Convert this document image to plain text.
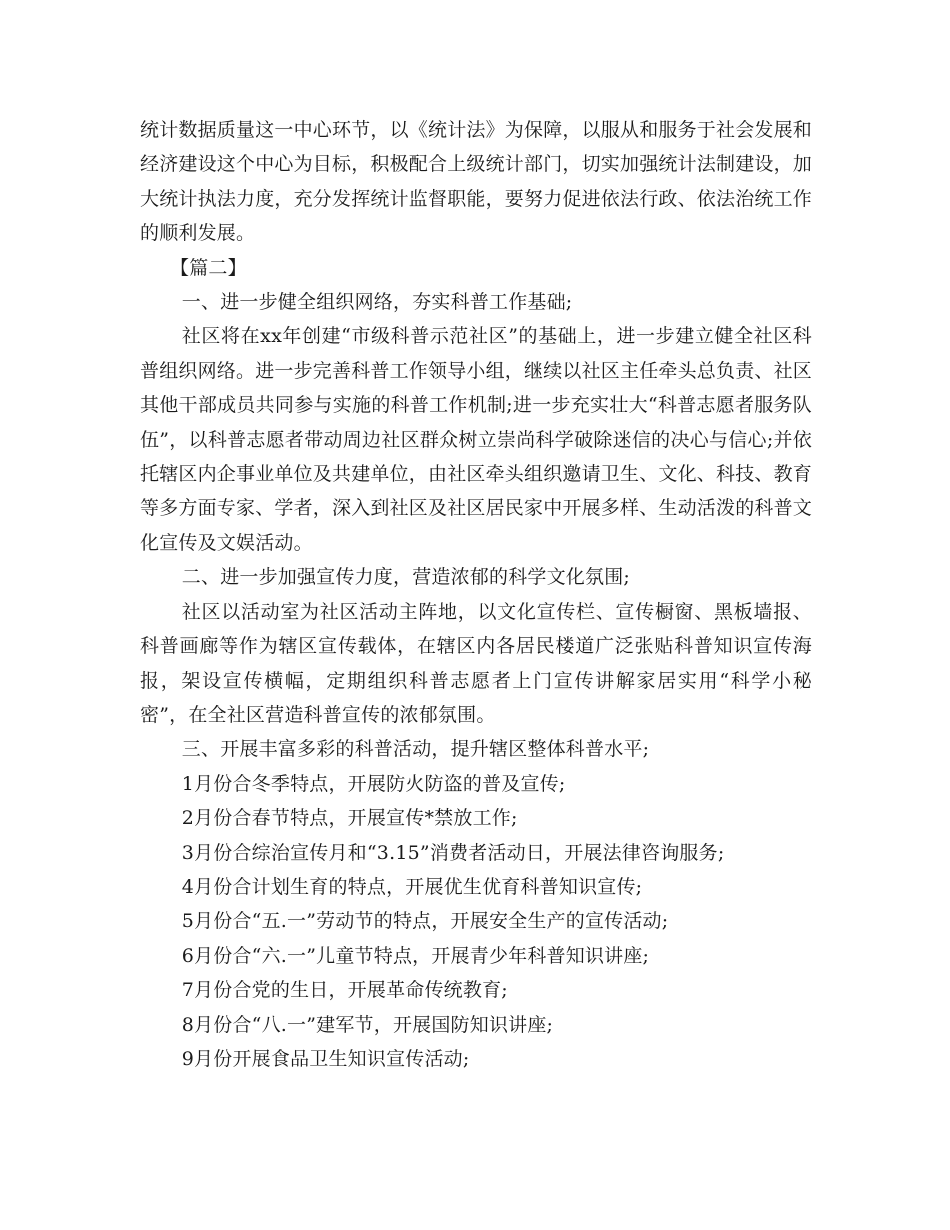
统计数据质量这一中心环节，以《统计法》为保障，以服从和服务于社会发展和经济建设这个中心为目标，积极配合上级统计部门，切实加强统计法制建设，加大统计执法力度，充分发挥统计监督职能，要努力促进依法行政、依法治统工作的顺利发展。

【篇二】

一、进一步健全组织网络，夯实科普工作基础;

社区将在xx年创建“市级科普示范社区”的基础上，进一步建立健全社区科普组织网络。进一步完善科普工作领导小组，继续以社区主任牵头总负责、社区其他干部成员共同参与实施的科普工作机制;进一步充实壮大“科普志愿者服务队伍”，以科普志愿者带动周边社区群众树立崇尚科学破除迷信的决心与信心;并依托辖区内企事业单位及共建单位，由社区牵头组织邀请卫生、文化、科技、教育等多方面专家、学者，深入到社区及社区居民家中开展多样、生动活泼的科普文化宣传及文娱活动。

二、进一步加强宣传力度，营造浓郁的科学文化氛围;

社区以活动室为社区活动主阵地，以文化宣传栏、宣传橱窗、黑板墙报、科普画廊等作为辖区宣传载体，在辖区内各居民楼道广泛张贴科普知识宣传海报，架设宣传横幅，定期组织科普志愿者上门宣传讲解家居实用“科学小秘密”，在全社区营造科普宣传的浓郁氛围。

三、开展丰富多彩的科普活动，提升辖区整体科普水平;

1月份合冬季特点，开展防火防盗的普及宣传;

2月份合春节特点，开展宣传*禁放工作;

3月份合综治宣传月和“3.15”消费者活动日，开展法律咨询服务;

4月份合计划生育的特点，开展优生优育科普知识宣传;

5月份合“五.一”劳动节的特点，开展安全生产的宣传活动;

6月份合“六.一”儿童节特点，开展青少年科普知识讲座;

7月份合党的生日，开展革命传统教育;

8月份合“八.一”建军节，开展国防知识讲座;

9月份开展食品卫生知识宣传活动;
